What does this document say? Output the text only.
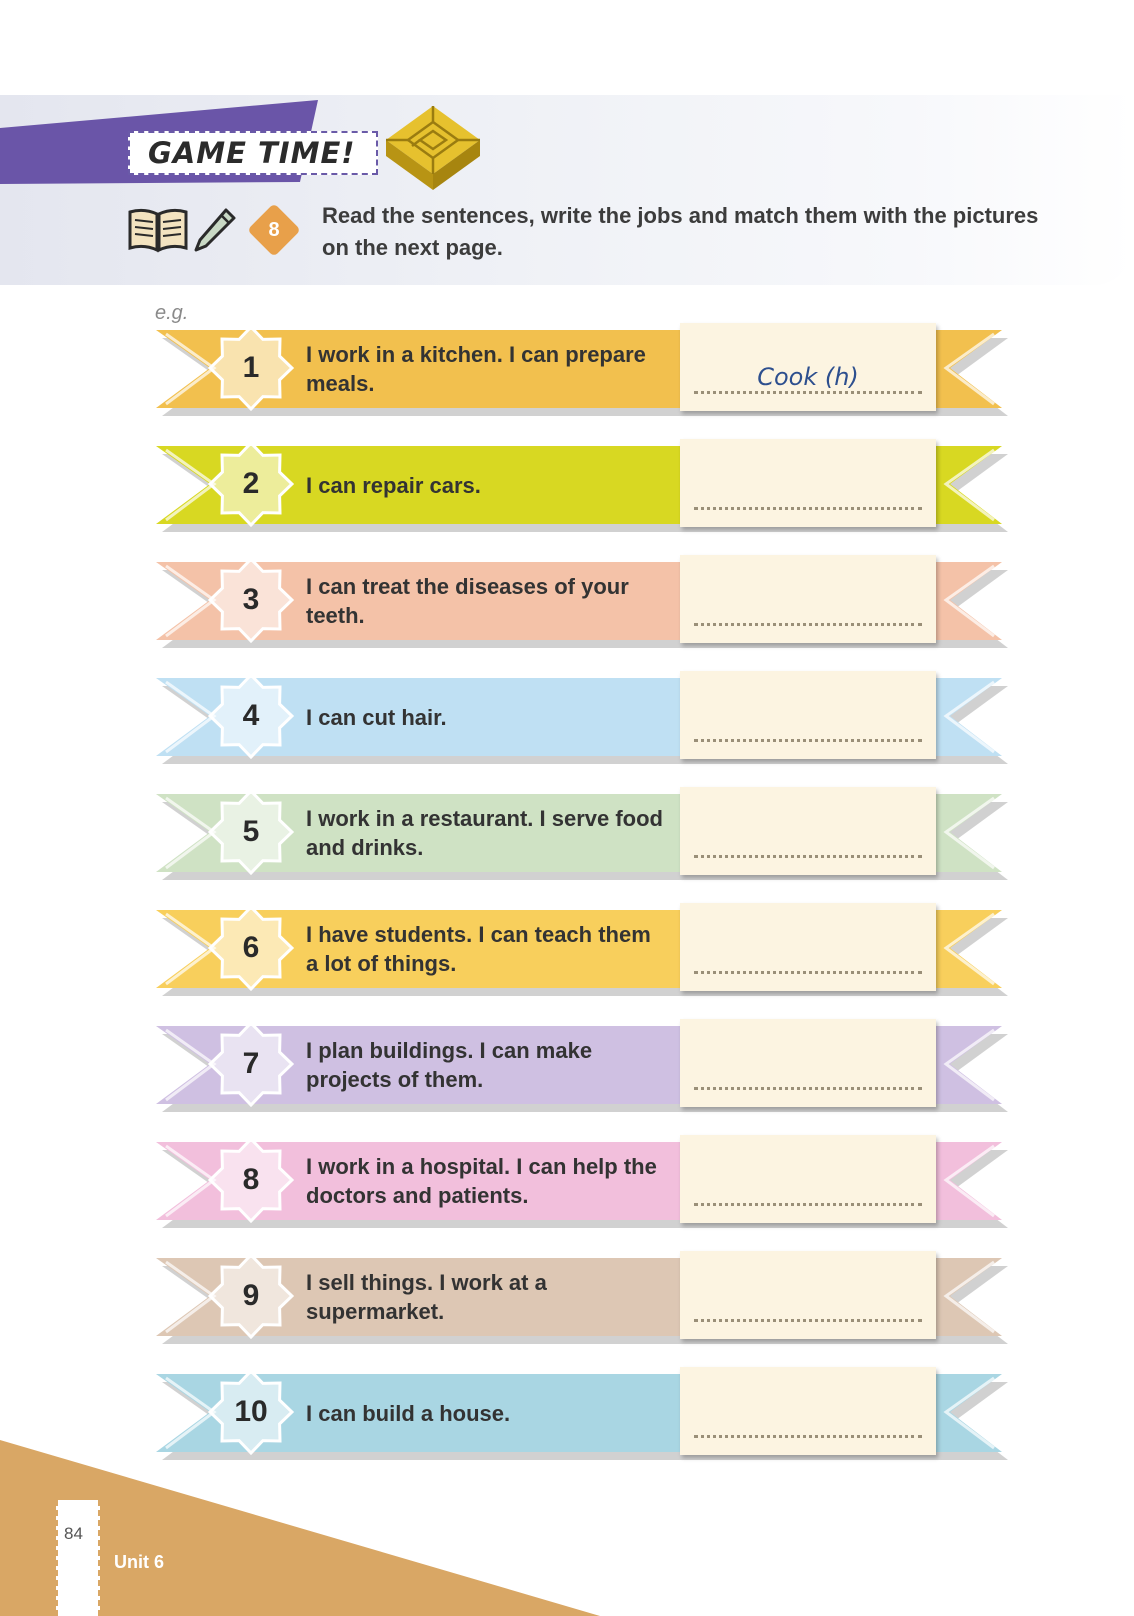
GAME TIME!
8
Read the sentences, write the jobs and match them with the pictures on the next page.
e.g.
1	I work in a kitchen. I can prepare meals.	Cook (h)
2	I can repair cars.
3	I can treat the diseases of your teeth.
4	I can cut hair.
5	I work in a restaurant. I serve food and drinks.
6	I have students. I can teach them a lot of things.
7	I plan buildings. I can make projects of them.
8	I work in a hospital. I can help the doctors and patients.
9	I sell things. I work at a supermarket.
10	I can build a house.
84
Unit 6
